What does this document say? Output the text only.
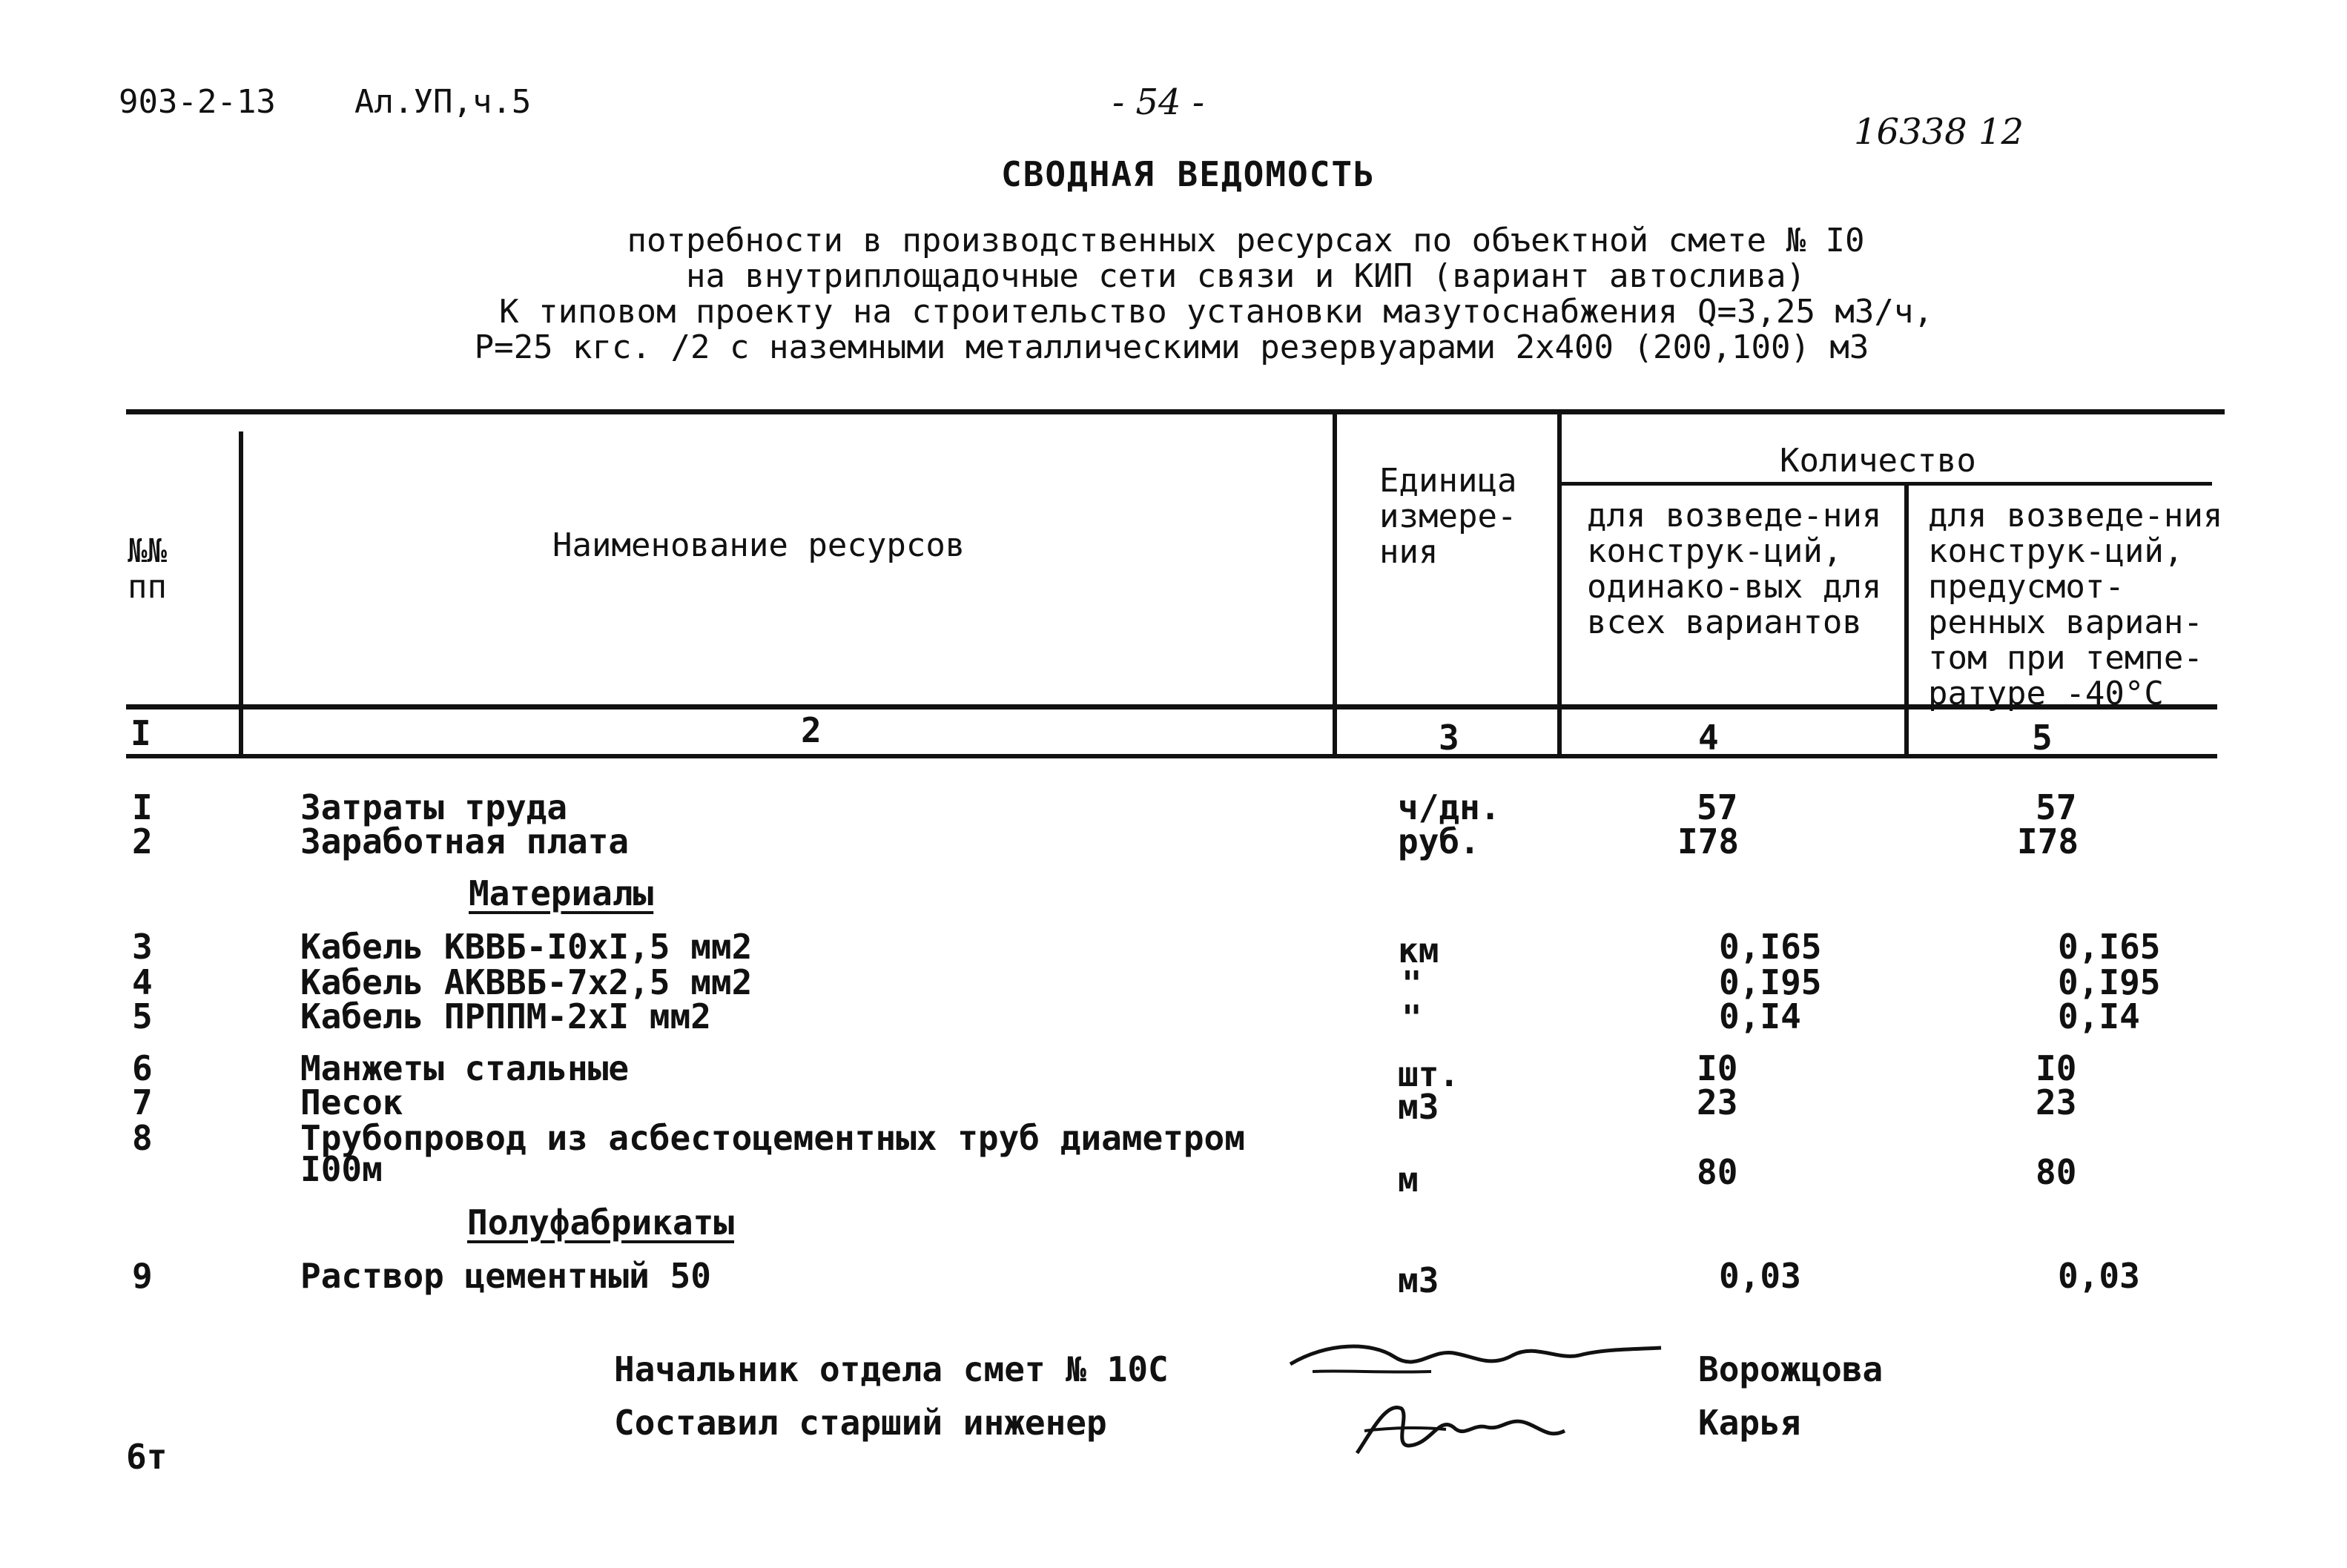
903-2-13 Ал.УП,ч.5	- 54 -
16338 12
СВОДНАЯ ВЕДОМОСТЬ
потребности в производственных ресурсах по объектной смете № I0
на внутриплощадочные сети связи и КИП (вариант автослива)
К типовом проекту на строительство установки мазутоснабжения Q=3,25 м3/ч,
Р=25 кгс. /2 с наземными металлическими резервуарами 2х400 (200,100) м3
№№ пп
Наименование ресурсов
Единица измере-ния
Количество
для возведе-ния конструк-ций, одинако-вых для всех вариантов
для возведе-ния конструк-ций, предусмот-ренных вариан-том при темпе-ратуре -40°С
I	2	3	4	5
I	Затраты труда	ч/дн.	57	57
2	Заработная плата	руб.	I78	I78
Материалы
3	Кабель КВВБ-I0хI,5 мм2	км	0,I65	0,I65
4	Кабель АКВВБ-7х2,5 мм2	"	0,I95	0,I95
5	Кабель ПРППМ-2хI мм2	"	0,I4	0,I4
6	Манжеты стальные	шт.	I0	I0
7	Песок	м3	23	23
8	Трубопровод из асбестоцементных труб диаметром
I00м	м	80	80
Полуфабрикаты
9	Раствор цементный 50	м3	0,03	0,03
Начальник отдела смет № 10С
Составил старший инженер
Ворожцова
Карья
6т
